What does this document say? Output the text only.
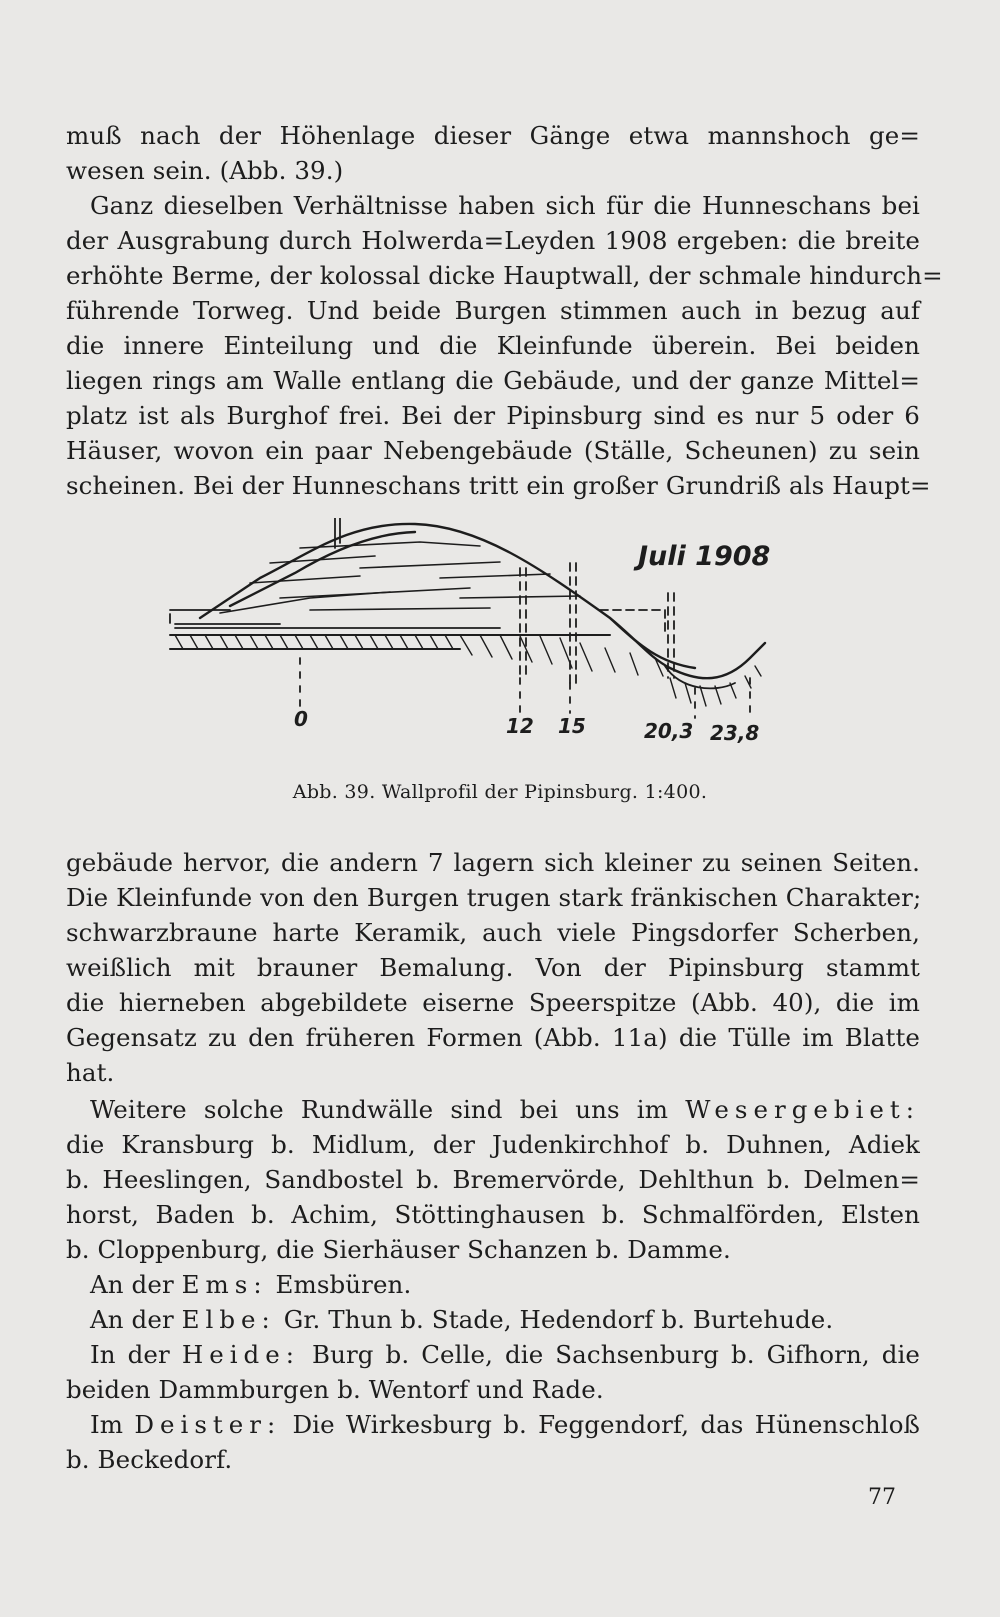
muß nach der Höhenlage dieser Gänge etwa mannshoch ge=
wesen sein. (Abb. 39.)
Ganz dieselben Verhältnisse haben sich für die Hunneschans bei
der Ausgrabung durch Holwerda=Leyden 1908 ergeben: die breite
erhöhte Berme, der kolossal dicke Hauptwall, der schmale hindurch=
führende Torweg. Und beide Burgen stimmen auch in bezug auf
die innere Einteilung und die Kleinfunde überein. Bei beiden
liegen rings am Walle entlang die Gebäude, und der ganze Mittel=
platz ist als Burghof frei. Bei der Pipinsburg sind es nur 5 oder 6
Häuser, wovon ein paar Nebengebäude (Ställe, Scheunen) zu sein
scheinen. Bei der Hunneschans tritt ein großer Grundriß als Haupt=
Juli 1908
0	12 15	20,3 23,8
Abb. 39. Wallprofil der Pipinsburg. 1:400.
gebäude hervor, die andern 7 lagern sich kleiner zu seinen Seiten.
Die Kleinfunde von den Burgen trugen stark fränkischen Charakter;
schwarzbraune harte Keramik, auch viele Pingsdorfer Scherben,
weißlich mit brauner Bemalung. Von der Pipinsburg stammt
die hierneben abgebildete eiserne Speerspitze (Abb. 40), die im
Gegensatz zu den früheren Formen (Abb. 11a) die Tülle im Blatte
hat.
Weitere solche Rundwälle sind bei uns im Wesergebiet:
die Kransburg b. Midlum, der Judenkirchhof b. Duhnen, Adiek
b. Heeslingen, Sandbostel b. Bremervörde, Dehlthun b. Delmen=
horst, Baden b. Achim, Stöttinghausen b. Schmalförden, Elsten
b. Cloppenburg, die Sierhäuser Schanzen b. Damme.
An der Ems: Emsbüren.
An der Elbe: Gr. Thun b. Stade, Hedendorf b. Burtehude.
In der Heide: Burg b. Celle, die Sachsenburg b. Gifhorn, die
beiden Dammburgen b. Wentorf und Rade.
Im Deister: Die Wirkesburg b. Feggendorf, das Hünenschloß
b. Beckedorf.
77
